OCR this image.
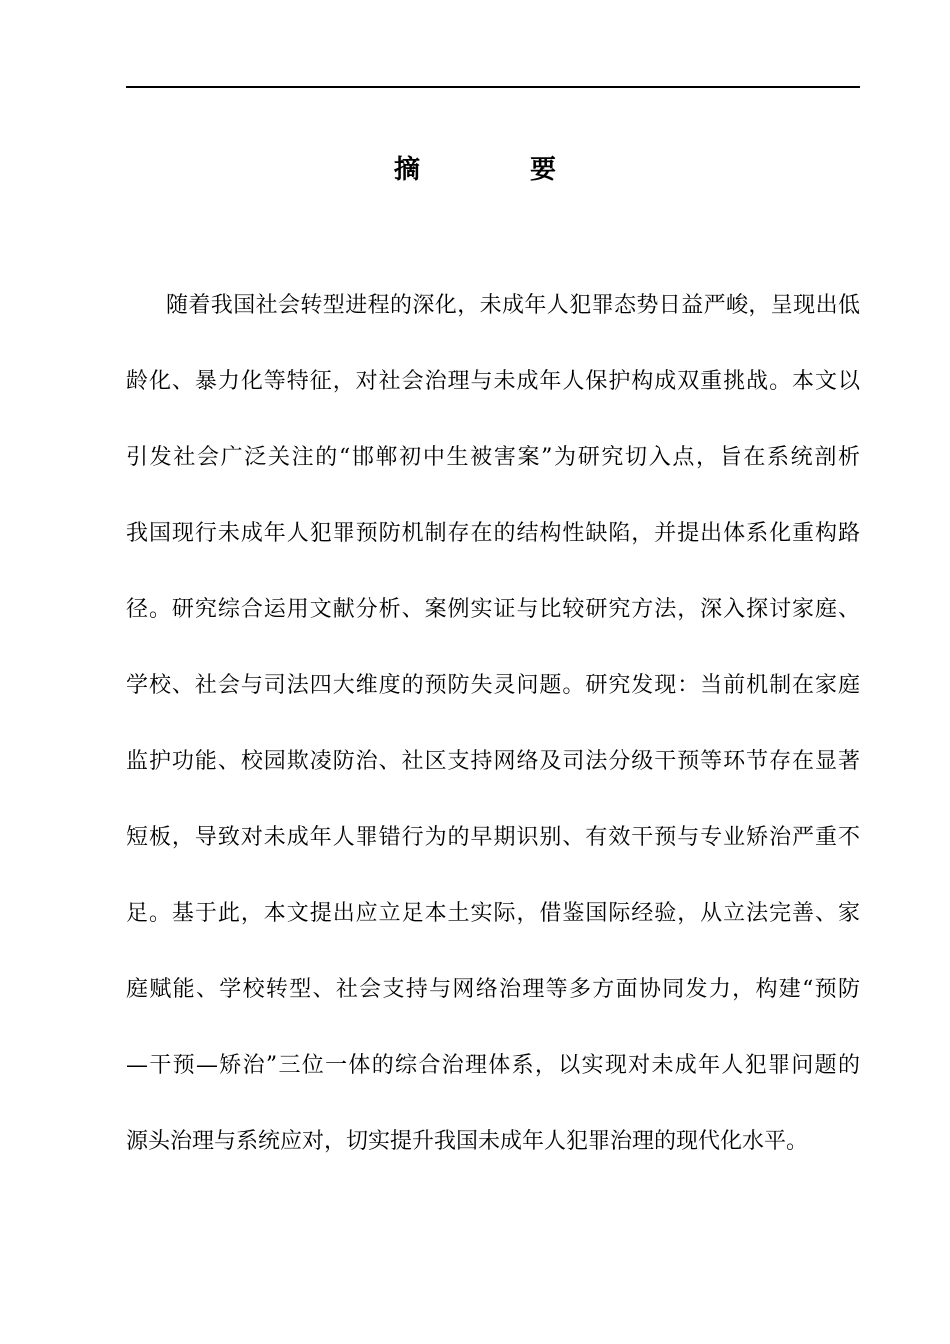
摘　要
随着我国社会转型进程的深化，未成年人犯罪态势日益严峻，呈现出低
龄化、暴力化等特征，对社会治理与未成年人保护构成双重挑战。本文以
引发社会广泛关注的“邯郸初中生被害案”为研究切入点，旨在系统剖析
我国现行未成年人犯罪预防机制存在的结构性缺陷，并提出体系化重构路
径。研究综合运用文献分析、案例实证与比较研究方法，深入探讨家庭、
学校、社会与司法四大维度的预防失灵问题。研究发现：当前机制在家庭
监护功能、校园欺凌防治、社区支持网络及司法分级干预等环节存在显著
短板，导致对未成年人罪错行为的早期识别、有效干预与专业矫治严重不
足。基于此，本文提出应立足本土实际，借鉴国际经验，从立法完善、家
庭赋能、学校转型、社会支持与网络治理等多方面协同发力，构建“预防
—干预—矫治”三位一体的综合治理体系，以实现对未成年人犯罪问题的
源头治理与系统应对，切实提升我国未成年人犯罪治理的现代化水平。
